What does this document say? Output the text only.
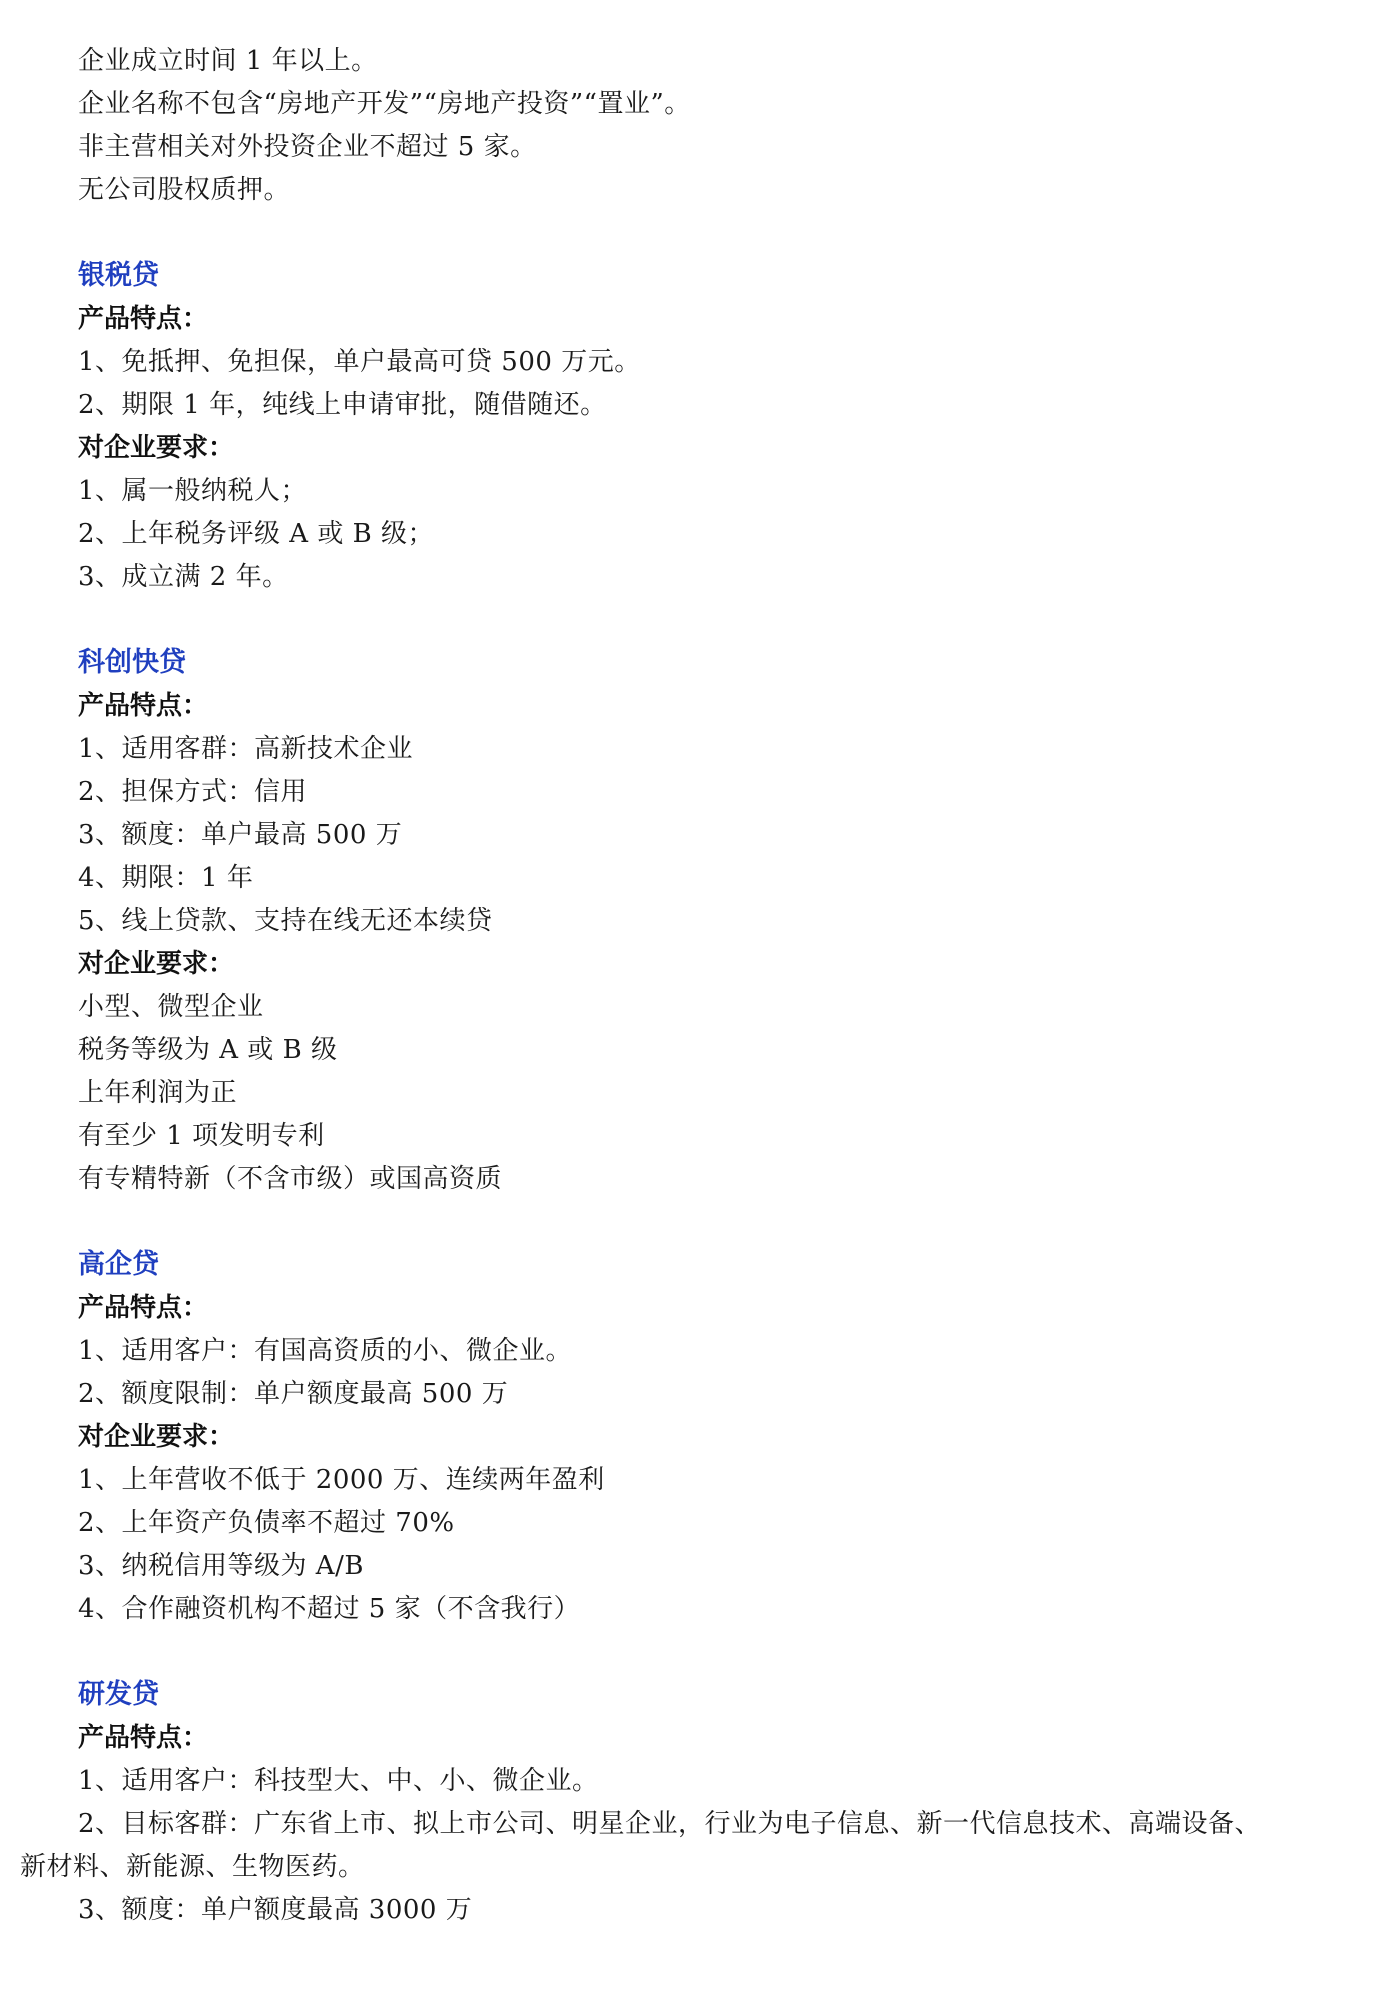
企业成立时间 1 年以上。
企业名称不包含“房地产开发”“房地产投资”“置业”。
非主营相关对外投资企业不超过 5 家。
无公司股权质押。
银税贷
产品特点：
1、免抵押、免担保，单户最高可贷 500 万元。
2、期限 1 年，纯线上申请审批，随借随还。
对企业要求：
1、属一般纳税人；
2、上年税务评级 A 或 B 级；
3、成立满 2 年。
科创快贷
产品特点：
1、适用客群：高新技术企业
2、担保方式：信用
3、额度：单户最高 500 万
4、期限：1 年
5、线上贷款、支持在线无还本续贷
对企业要求：
小型、微型企业
税务等级为 A 或 B 级
上年利润为正
有至少 1 项发明专利
有专精特新（不含市级）或国高资质
高企贷
产品特点：
1、适用客户：有国高资质的小、微企业。
2、额度限制：单户额度最高 500 万
对企业要求：
1、上年营收不低于 2000 万、连续两年盈利
2、上年资产负债率不超过 70%
3、纳税信用等级为 A/B
4、合作融资机构不超过 5 家（不含我行）
研发贷
产品特点：
1、适用客户：科技型大、中、小、微企业。
2、目标客群：广东省上市、拟上市公司、明星企业，行业为电子信息、新一代信息技术、高端设备、
新材料、新能源、生物医药。
3、额度：单户额度最高 3000 万
